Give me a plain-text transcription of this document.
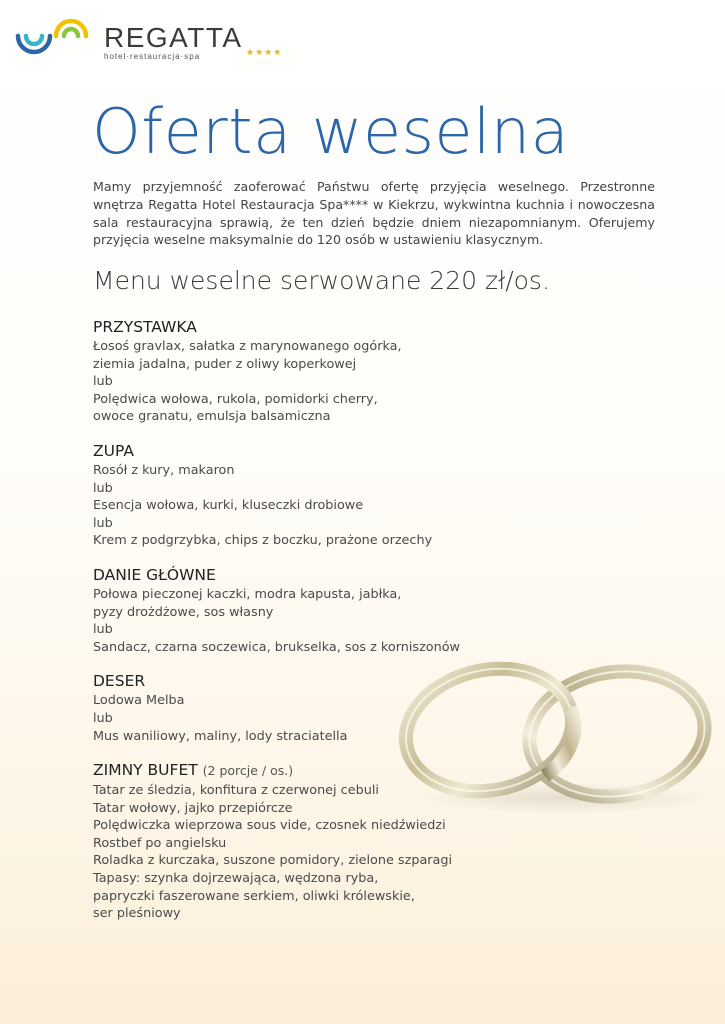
REGATTA
hotel·restauracja·spa	★★★★
Oferta weselna

Mamy przyjemność zaoferować Państwu ofertę przyjęcia weselnego. Przestronne wnętrza Regatta Hotel Restauracja Spa**** w Kiekrzu, wykwintna kuchnia i nowoczesna sala restauracyjna sprawią, że ten dzień będzie dniem niezapomnianym. Oferujemy przyjęcia weselne maksymalnie do 120 osób w ustawieniu klasycznym.

Menu weselne serwowane 220 zł/os.
PRZYSTAWKA

Łosoś gravlax, sałatka z marynowanego ogórka,

ziemia jadalna, puder z oliwy koperkowej

lub

Polędwica wołowa, rukola, pomidorki cherry,

owoce granatu, emulsja balsamiczna

ZUPA

Rosół z kury, makaron

lub

Esencja wołowa, kurki, kluseczki drobiowe

lub

Krem z podgrzybka, chips z boczku, prażone orzechy

DANIE GŁÓWNE

Połowa pieczonej kaczki, modra kapusta, jabłka,

pyzy drożdżowe, sos własny

lub

Sandacz, czarna soczewica, brukselka, sos z korniszonów

DESER

Lodowa Melba

lub

Mus waniliowy, maliny, lody straciatella

ZIMNY BUFET (2 porcje / os.)

Tatar ze śledzia, konfitura z czerwonej cebuli

Tatar wołowy, jajko przepiórcze

Polędwiczka wieprzowa sous vide, czosnek niedźwiedzi

Rostbef po angielsku

Roladka z kurczaka, suszone pomidory, zielone szparagi

Tapasy: szynka dojrzewająca, wędzona ryba,

papryczki faszerowane serkiem, oliwki królewskie,

ser pleśniowy
